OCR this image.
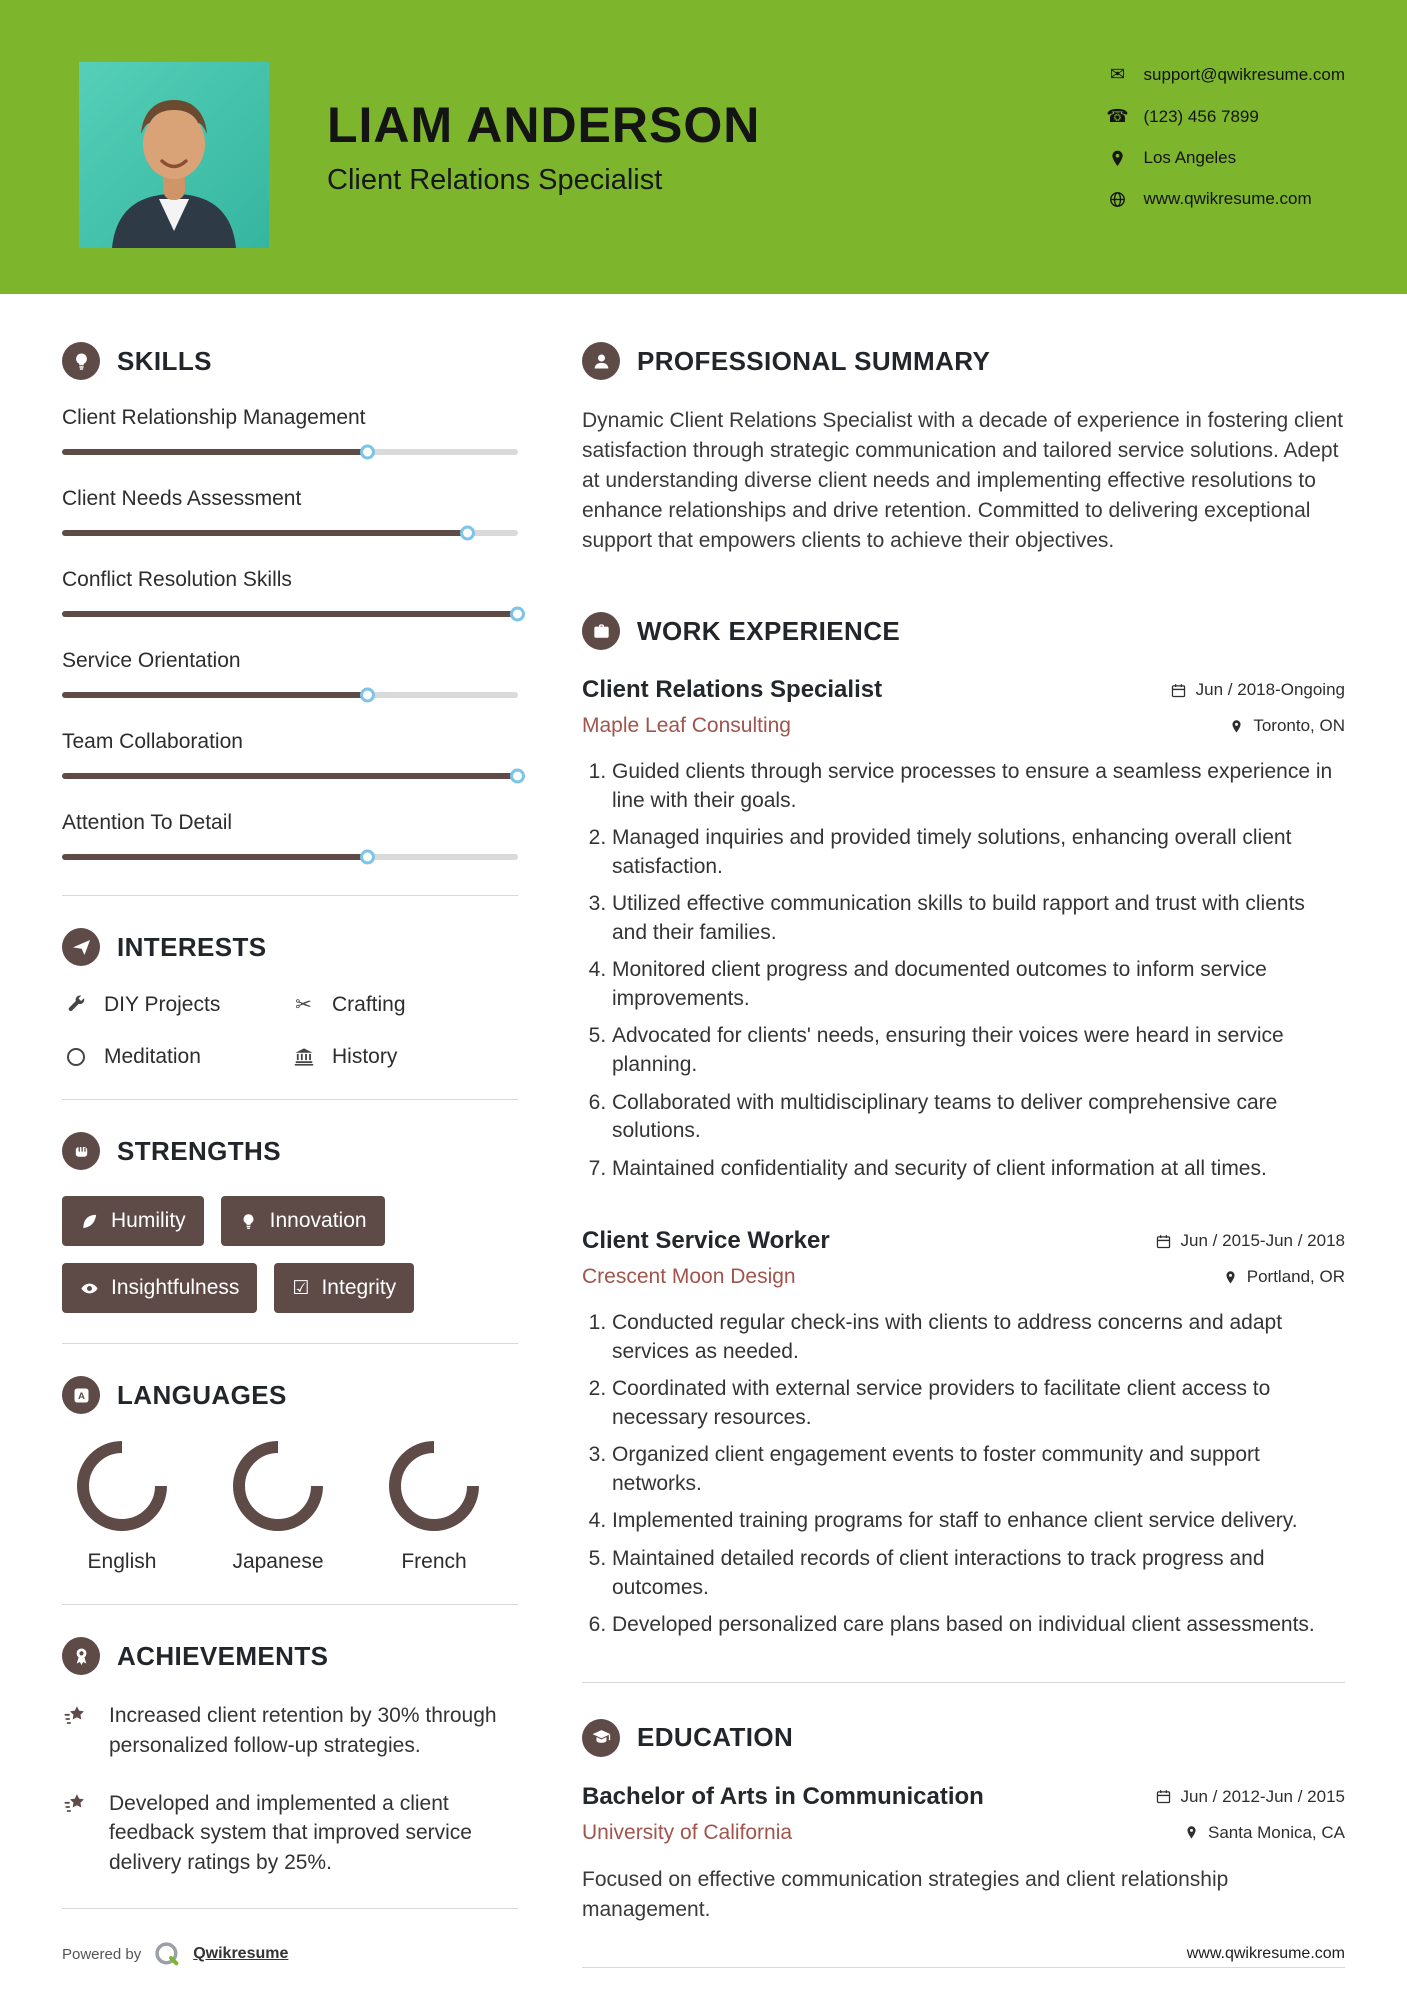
LIAM ANDERSON
Client Relations Specialist
✉ support@qwikresume.com
☎ (123) 456 7899
Los Angeles
www.qwikresume.com
SKILLS
Client Relationship Management
Client Needs Assessment
Conflict Resolution Skills
Service Orientation
Team Collaboration
Attention To Detail
INTERESTS
DIY Projects	✂ Crafting
Meditation	History
STRENGTHS
Humility	Innovation
Insightfulness	☑ Integrity
A LANGUAGES
English	Japanese	French
ACHIEVEMENTS
Increased client retention by 30% through personalized follow-up strategies.
Developed and implemented a client feedback system that improved service delivery ratings by 25%.
PROFESSIONAL SUMMARY

Dynamic Client Relations Specialist with a decade of experience in fostering client satisfaction through strategic communication and tailored service solutions. Adept at understanding diverse client needs and implementing effective resolutions to enhance relationships and drive retention. Committed to delivering exceptional support that empowers clients to achieve their objectives.

WORK EXPERIENCE
Client Relations Specialist	Jun / 2018-Ongoing
Maple Leaf Consulting	Toronto, ON
1. Guided clients through service processes to ensure a seamless experience in line with their goals.
2. Managed inquiries and provided timely solutions, enhancing overall client satisfaction.
3. Utilized effective communication skills to build rapport and trust with clients and their families.
4. Monitored client progress and documented outcomes to inform service improvements.
5. Advocated for clients' needs, ensuring their voices were heard in service planning.
6. Collaborated with multidisciplinary teams to deliver comprehensive care solutions.
7. Maintained confidentiality and security of client information at all times.
Client Service Worker	Jun / 2015-Jun / 2018
Crescent Moon Design	Portland, OR
1. Conducted regular check-ins with clients to address concerns and adapt services as needed.
2. Coordinated with external service providers to facilitate client access to necessary resources.
3. Organized client engagement events to foster community and support networks.
4. Implemented training programs for staff to enhance client service delivery.
5. Maintained detailed records of client interactions to track progress and outcomes.
6. Developed personalized care plans based on individual client assessments.
EDUCATION
Bachelor of Arts in Communication	Jun / 2012-Jun / 2015
University of California	Santa Monica, CA

Focused on effective communication strategies and client relationship management.

Powered by	Qwikresume	www.qwikresume.com
